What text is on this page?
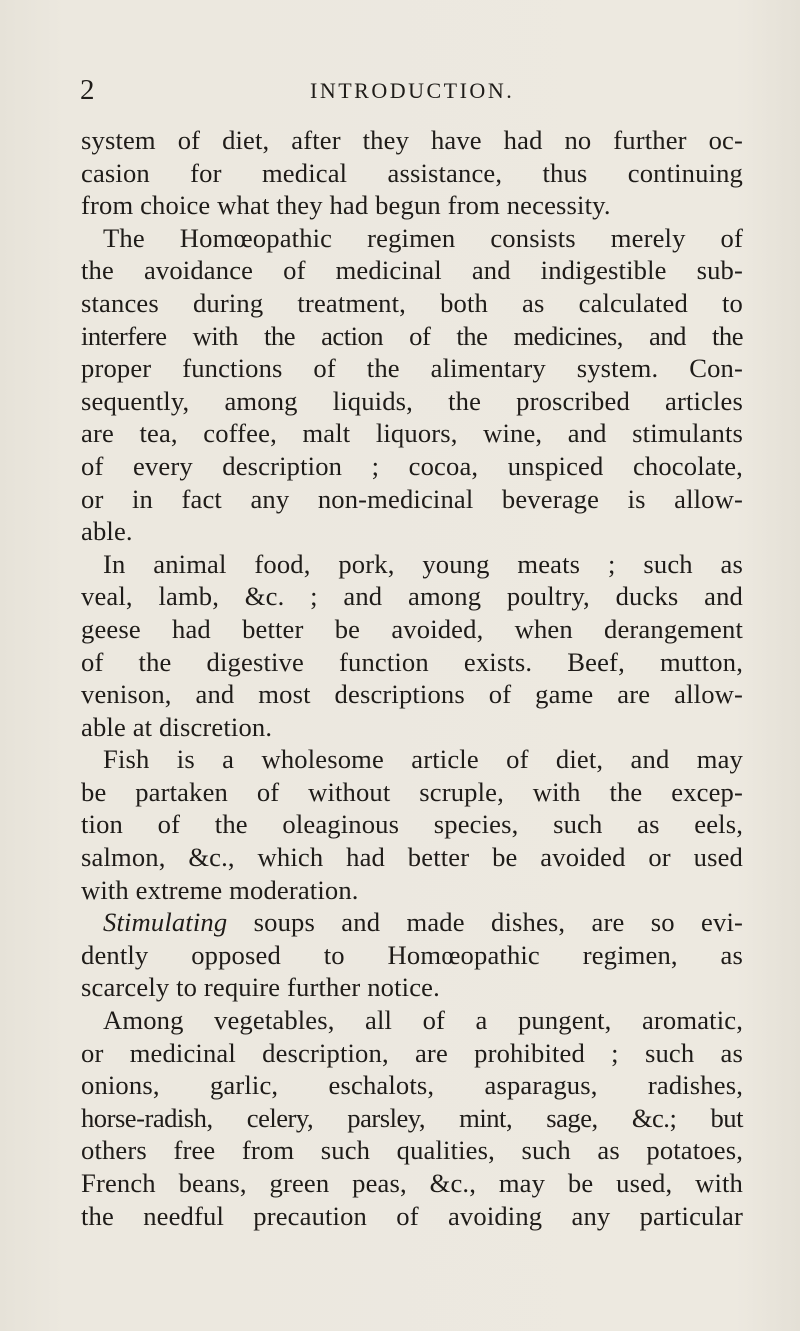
2	INTRODUCTION.
system of diet, after they have had no further oc-
casion for medical assistance, thus continuing
from choice what they had begun from necessity.
The Homœopathic regimen consists merely of
the avoidance of medicinal and indigestible sub-
stances during treatment, both as calculated to
interfere with the action of the medicines, and the
proper functions of the alimentary system. Con-
sequently, among liquids, the proscribed articles
are tea, coffee, malt liquors, wine, and stimulants
of every description ; cocoa, unspiced chocolate,
or in fact any non-medicinal beverage is allow-
able.
In animal food, pork, young meats ; such as
veal, lamb, &c. ; and among poultry, ducks and
geese had better be avoided, when derangement
of the digestive function exists. Beef, mutton,
venison, and most descriptions of game are allow-
able at discretion.
Fish is a wholesome article of diet, and may
be partaken of without scruple, with the excep-
tion of the oleaginous species, such as eels,
salmon, &c., which had better be avoided or used
with extreme moderation.
Stimulating soups and made dishes, are so evi-
dently opposed to Homœopathic regimen, as
scarcely to require further notice.
Among vegetables, all of a pungent, aromatic,
or medicinal description, are prohibited ; such as
onions, garlic, eschalots, asparagus, radishes,
horse-radish, celery, parsley, mint, sage, &c.; but
others free from such qualities, such as potatoes,
French beans, green peas, &c., may be used, with
the needful precaution of avoiding any particular
